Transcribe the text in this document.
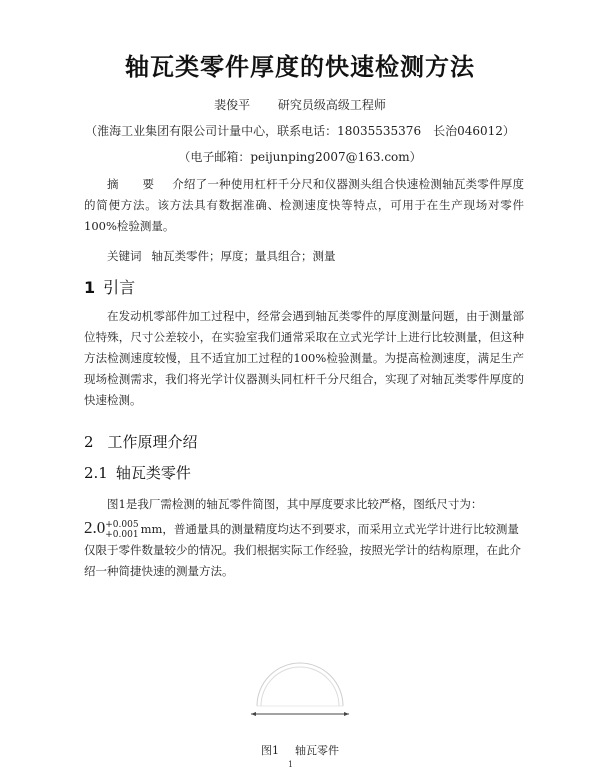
轴瓦类零件厚度的快速检测方法
裴俊平 研究员级高级工程师
（淮海工业集团有限公司计量中心，联系电话：18035535376　长治046012）
（电子邮箱：peijunping2007@163.com）

摘　要 介绍了一种使用杠杆千分尺和仪器测头组合快速检测轴瓦类零件厚度的简便方法。该方法具有数据准确、检测速度快等特点，可用于在生产现场对零件100%检验测量。

关键词 轴瓦类零件；厚度；量具组合；测量

1 引言

在发动机零部件加工过程中，经常会遇到轴瓦类零件的厚度测量问题，由于测量部位特殊，尺寸公差较小，在实验室我们通常采取在立式光学计上进行比较测量，但这种方法检测速度较慢，且不适宜加工过程的100%检验测量。为提高检测速度，满足生产现场检测需求，我们将光学计仪器测头同杠杆千分尺组合，实现了对轴瓦类零件厚度的快速检测。

2 工作原理介绍
2.1 轴瓦类零件

图1是我厂需检测的轴瓦零件简图，其中厚度要求比较严格，图纸尺寸为：

2.0 +0.005
+0.001 mm，普通量具的测量精度均达不到要求，而采用立式光学计进行比较测量仅限于零件数量较少的情况。我们根据实际工作经验，按照光学计的结构原理，在此介绍一种简捷快速的测量方法。
图1 轴瓦零件
1
